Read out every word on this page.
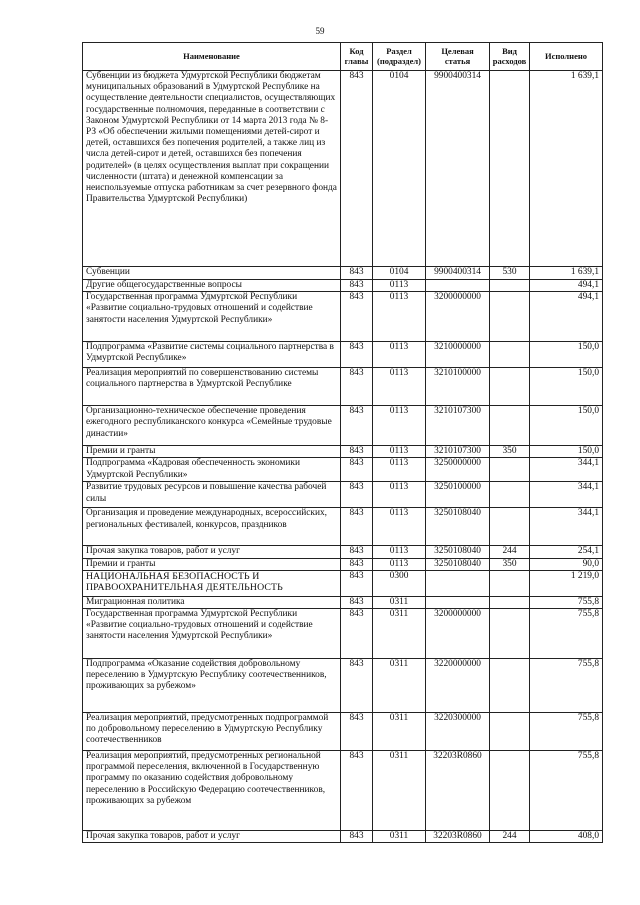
59
Наименование	Код главы	Раздел (подраздел)	Целевая статья	Вид расходов	Исполнено
Субвенции из бюджета Удмуртской Республики бюджетам муниципальных образований в Удмуртской Республике на осуществление деятельности специалистов, осуществляющих государственные полномочия, переданные в соответствии с Законом Удмуртской Республики от 14 марта 2013 года № 8-РЗ «Об обеспечении жилыми помещениями детей-сирот и детей, оставшихся без попечения родителей, а также лиц из числа детей-сирот и детей, оставшихся без попечения родителей» (в целях осуществления выплат при сокращении численности (штата) и денежной компенсации за неиспользуемые отпуска работникам за счет резервного фонда Правительства Удмуртской Республики)	843	0104	9900400314		1 639,1
Субвенции	843	0104	9900400314	530	1 639,1
Другие общегосударственные вопросы	843	0113			494,1
Государственная программа Удмуртской Республики «Развитие социально-трудовых отношений и содействие занятости населения Удмуртской Республики»	843	0113	3200000000		494,1
Подпрограмма «Развитие системы социального партнерства в Удмуртской Республике»	843	0113	3210000000		150,0
Реализация мероприятий по совершенствованию системы социального партнерства в Удмуртской Республике	843	0113	3210100000		150,0
Организационно-техническое обеспечение проведения ежегодного республиканского конкурса «Семейные трудовые династии»	843	0113	3210107300		150,0
Премии и гранты	843	0113	3210107300	350	150,0
Подпрограмма «Кадровая обеспеченность экономики Удмуртской Республики»	843	0113	3250000000		344,1
Развитие трудовых ресурсов и повышение качества рабочей силы	843	0113	3250100000		344,1
Организация и проведение международных, всероссийских, региональных фестивалей, конкурсов, праздников	843	0113	3250108040		344,1
Прочая закупка товаров, работ и услуг	843	0113	3250108040	244	254,1
Премии и гранты	843	0113	3250108040	350	90,0
НАЦИОНАЛЬНАЯ БЕЗОПАСНОСТЬ И ПРАВООХРАНИТЕЛЬНАЯ ДЕЯТЕЛЬНОСТЬ	843	0300			1 219,0
Миграционная политика	843	0311			755,8
Государственная программа Удмуртской Республики «Развитие социально-трудовых отношений и содействие занятости населения Удмуртской Республики»	843	0311	3200000000		755,8
Подпрограмма «Оказание содействия добровольному переселению в Удмуртскую Республику соотечественников, проживающих за рубежом»	843	0311	3220000000		755,8
Реализация мероприятий, предусмотренных подпрограммой по добровольному переселению в Удмуртскую Республику соотечественников	843	0311	3220300000		755,8
Реализация мероприятий, предусмотренных региональной программой переселения, включенной в Государственную программу по оказанию содействия добровольному переселению в Российскую Федерацию соотечественников, проживающих за рубежом	843	0311	32203R0860		755,8
Прочая закупка товаров, работ и услуг	843	0311	32203R0860	244	408,0
